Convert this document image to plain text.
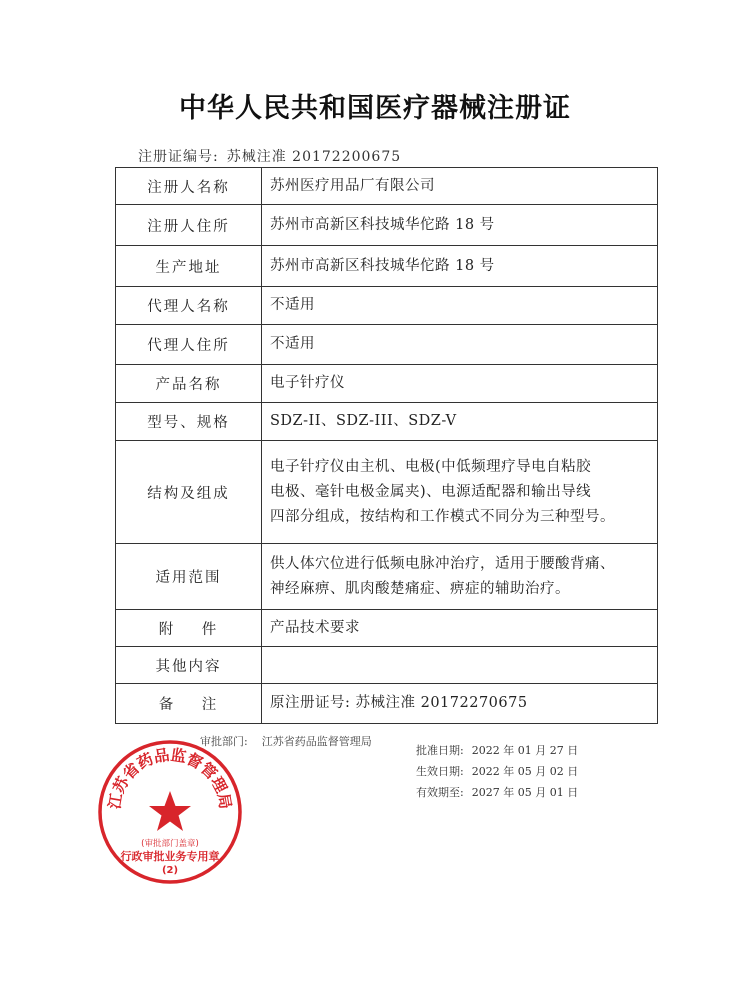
中华人民共和国医疗器械注册证
注册证编号: 苏械注准 20172200675
注册人名称	苏州医疗用品厂有限公司
注册人住所	苏州市高新区科技城华佗路 18 号
生产地址	苏州市高新区科技城华佗路 18 号
代理人名称	不适用
代理人住所	不适用
产品名称	电子针疗仪
型号、规格	SDZ-II、SDZ-III、SDZ-V
结构及组成	电子针疗仪由主机、电极(中低频理疗导电自粘胶
电极、毫针电极金属夹)、电源适配器和输出导线
四部分组成，按结构和工作模式不同分为三种型号。

适用范围	供人体穴位进行低频电脉冲治疗，适用于腰酸背痛、
神经麻痹、肌肉酸楚痛症、痹症的辅助治疗。

附    件	产品技术要求
其他内容	
备    注	原注册证号: 苏械注准 20172270675
审批部门: 江苏省药品监督管理局
江苏省药品监督管理局
(审批部门盖章)
行政审批业务专用章
(2)
批准日期: 2022 年 01 月 27 日
生效日期: 2022 年 05 月 02 日
有效期至: 2027 年 05 月 01 日
